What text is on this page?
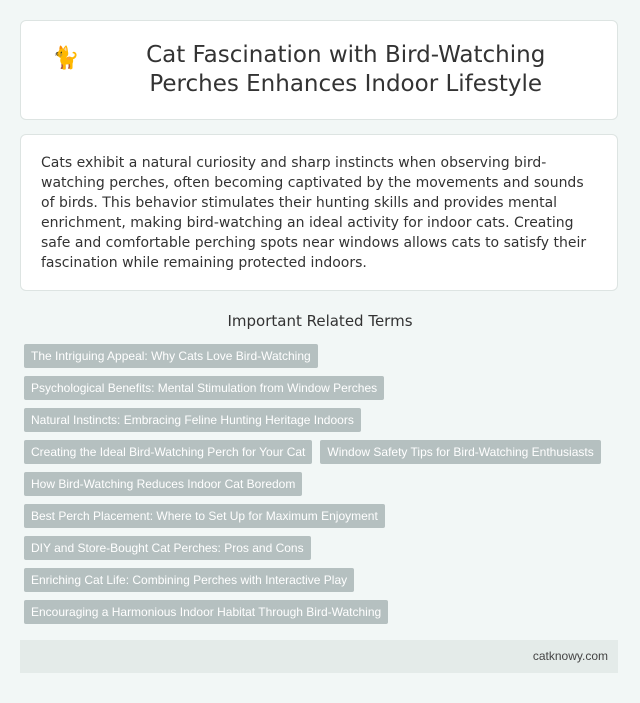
🐈	Cat Fascination with Bird-Watching Perches Enhances Indoor Lifestyle

Cats exhibit a natural curiosity and sharp instincts when observing bird-watching perches, often becoming captivated by the movements and sounds of birds. This behavior stimulates their hunting skills and provides mental enrichment, making bird-watching an ideal activity for indoor cats. Creating safe and comfortable perching spots near windows allows cats to satisfy their fascination while remaining protected indoors.

Important Related Terms
The Intriguing Appeal: Why Cats Love Bird-Watching
Psychological Benefits: Mental Stimulation from Window Perches
Natural Instincts: Embracing Feline Hunting Heritage Indoors
Creating the Ideal Bird-Watching Perch for Your Cat	Window Safety Tips for Bird-Watching Enthusiasts
How Bird-Watching Reduces Indoor Cat Boredom
Best Perch Placement: Where to Set Up for Maximum Enjoyment
DIY and Store-Bought Cat Perches: Pros and Cons
Enriching Cat Life: Combining Perches with Interactive Play
Encouraging a Harmonious Indoor Habitat Through Bird-Watching
catknowy.com
